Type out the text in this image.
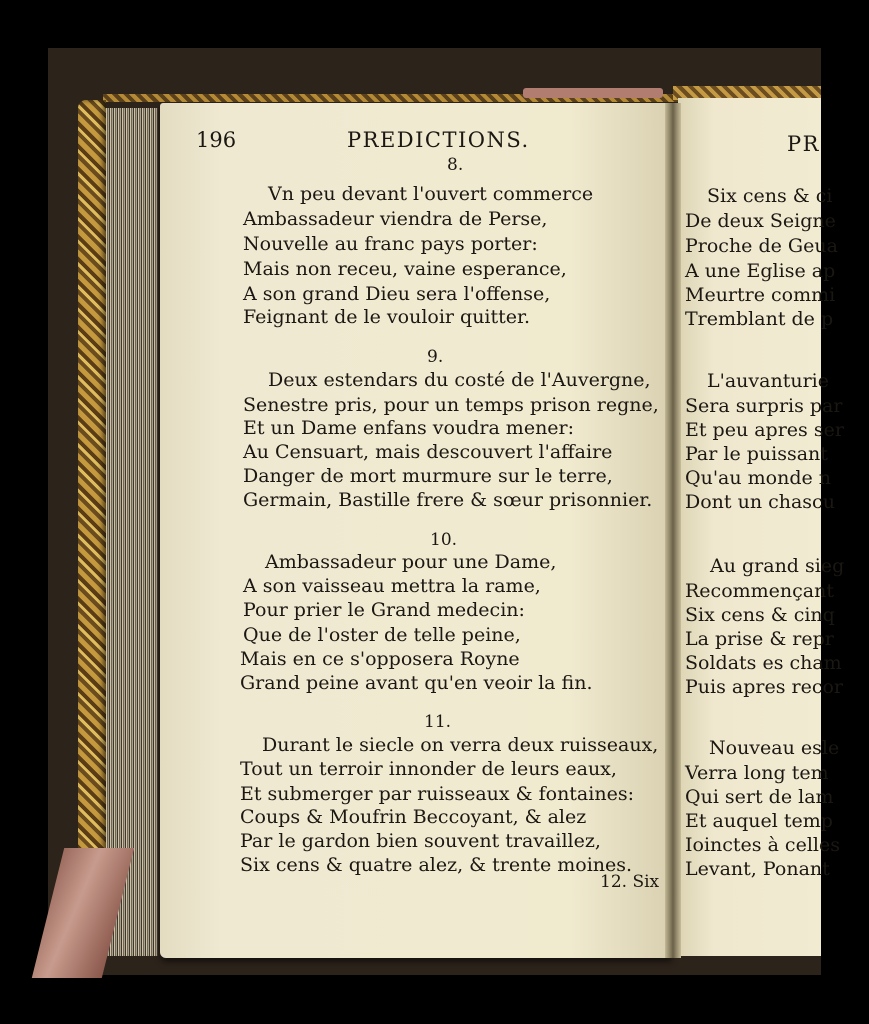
196	PREDICTIONS.
8.
Vn peu devant l'ouvert commerce
Ambassadeur viendra de Perse,
Nouvelle au franc pays porter:
Mais non receu, vaine esperance,
A son grand Dieu sera l'offense,
Feignant de le vouloir quitter.
9.
Deux estendars du costé de l'Auvergne,
Senestre pris, pour un temps prison regne,
Et un Dame enfans voudra mener:
Au Censuart, mais descouvert l'affaire
Danger de mort murmure sur le terre,
Germain, Bastille frere & sœur prisonnier.
10.
Ambassadeur pour une Dame,
A son vaisseau mettra la rame,
Pour prier le Grand medecin:
Que de l'oster de telle peine,
Mais en ce s'opposera Royne
Grand peine avant qu'en veoir la fin.
11.
Durant le siecle on verra deux ruisseaux,
Tout un terroir innonder de leurs eaux,
Et submerger par ruisseaux & fontaines:
Coups & Moufrin Beccoyant, & alez
Par le gardon bien souvent travaillez,
Six cens & quatre alez, & trente moines.
12. Six
PR
Six cens & ci
De deux Seigne
Proche de Geua
A une Eglise ap
Meurtre commi
Tremblant de p
L'auvanturie
Sera surpris par
Et peu apres ser
Par le puissant
Qu'au monde n
Dont un chascu
Au grand sieg
Recommençant
Six cens & cinq
La prise & repr
Soldats es cham
Puis apres recor
Nouveau esle
Verra long tem
Qui sert de lam
Et auquel temp
Ioinctes à celles
Levant, Ponant
